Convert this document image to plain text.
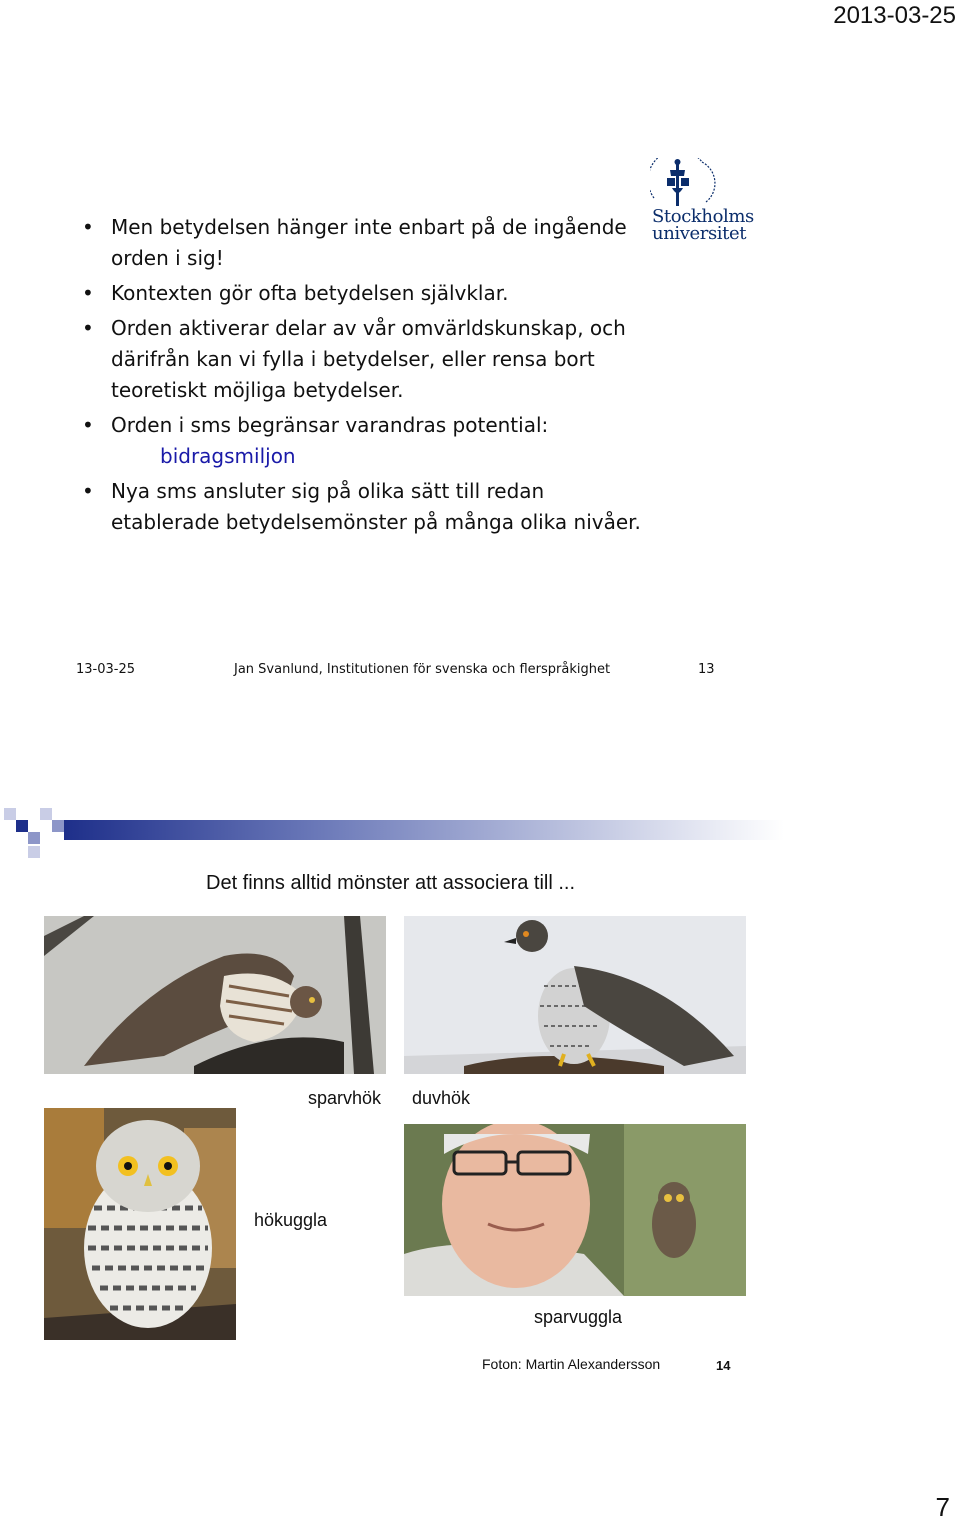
2013-03-25
• Men betydelsen hänger inte enbart på de ingående orden i sig!
• Kontexten gör ofta betydelsen självklar.
• Orden aktiverar delar av vår omvärldskunskap, och därifrån kan vi fylla i betydelser, eller rensa bort teoretiskt möjliga betydelser.
• Orden i sms begränsar varandras potential:
bidragsmiljon
• Nya sms ansluter sig på olika sätt till redan etablerade betydelsemönster på många olika nivåer.
Stockholms
universitet
13-03-25	Jan Svanlund, Institutionen för svenska och flerspråkighet	13
Det finns alltid mönster att associera till ...
sparvhök duvhök
hökuggla
sparvuggla
Foton: Martin Alexandersson	14
7
